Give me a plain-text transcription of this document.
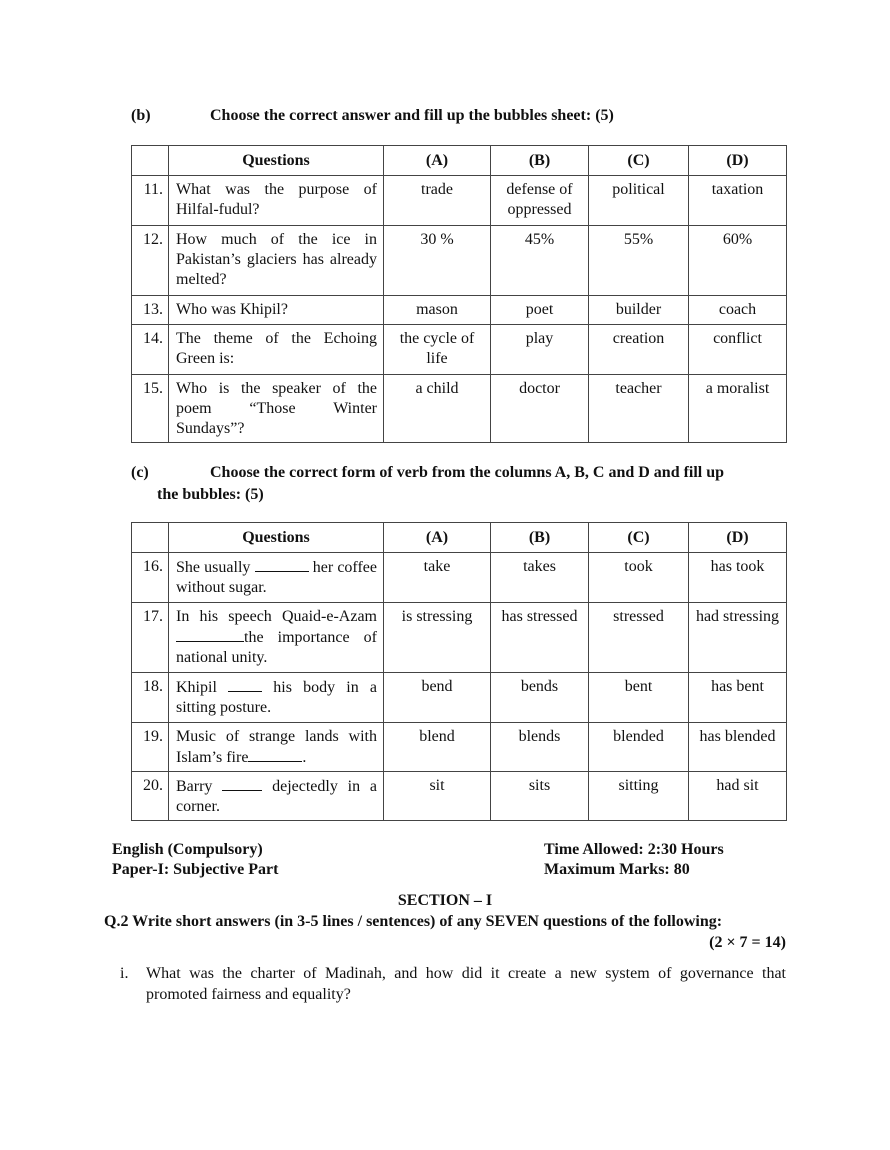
(b)	Choose the correct answer and fill up the bubbles sheet: (5)
	Questions	(A)	(B)	(C)	(D)
11.	What was the purpose of Hilfal-fudul?	trade	defense of oppressed	political	taxation
12.	How much of the ice in Pakistan’s glaciers has already melted?	30 %	45%	55%	60%
13.	Who was Khipil?	mason	poet	builder	coach
14.	The theme of the Echoing Green is:	the cycle of life	play	creation	conflict
15.	Who is the speaker of the poem “Those Winter Sundays”?	a child	doctor	teacher	a moralist
(c)	Choose the correct form of verb from the columns A, B, C and D and fill up
the bubbles: (5)
	Questions	(A)	(B)	(C)	(D)
16.	She usually her coffee without sugar.	take	takes	took	has took
17.	In his speech Quaid-e-Azam the importance of national unity.	is stressing	has stressed	stressed	had stressing
18.	Khipil his body in a sitting posture.	bend	bends	bent	has bent
19.	Music of strange lands with Islam’s fire .	blend	blends	blended	has blended
20.	Barry dejectedly in a corner.	sit	sits	sitting	had sit
English (Compulsory)
Paper-I: Subjective Part
Time Allowed: 2:30 Hours
Maximum Marks: 80
SECTION – I
Q.2 Write short answers (in 3-5 lines / sentences) of any SEVEN questions of the following:
(2 × 7 = 14)
i.	What was the charter of Madinah, and how did it create a new system of governance that
promoted fairness and equality?
